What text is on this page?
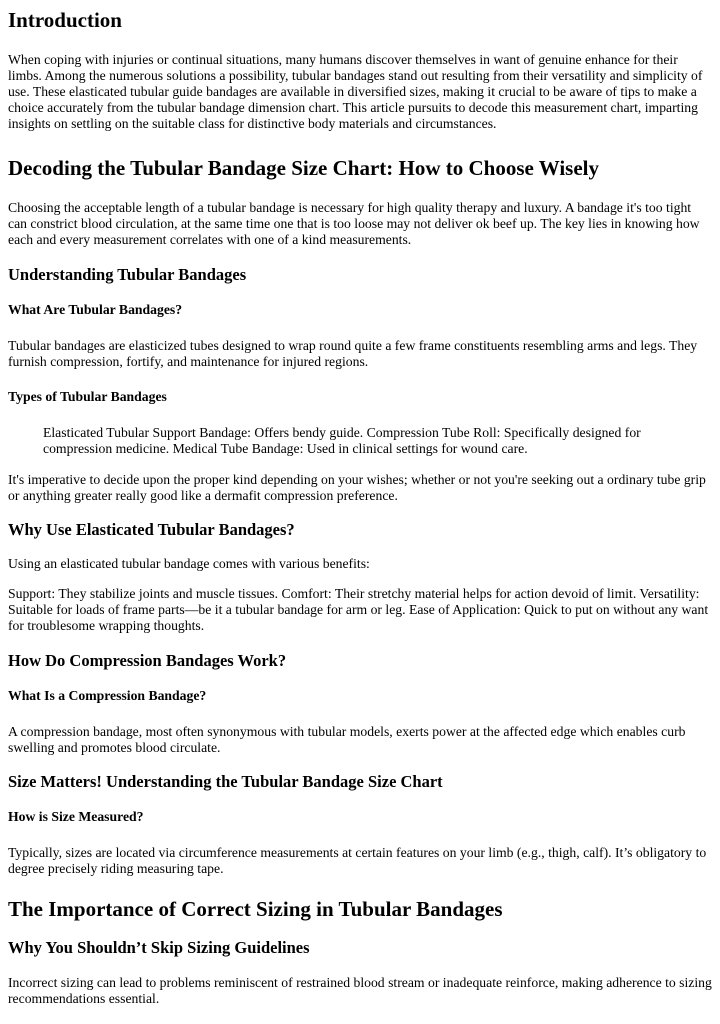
Introduction

When coping with injuries or continual situations, many humans discover themselves in want of genuine enhance for their limbs. Among the numerous solutions a possibility, tubular bandages stand out resulting from their versatility and simplicity of use. These elasticated tubular guide bandages are available in diversified sizes, making it crucial to be aware of tips to make a choice accurately from the tubular bandage dimension chart. This article pursuits to decode this measurement chart, imparting insights on settling on the suitable class for distinctive body materials and circumstances.

Decoding the Tubular Bandage Size Chart: How to Choose Wisely

Choosing the acceptable length of a tubular bandage is necessary for high quality therapy and luxury. A bandage it's too tight can constrict blood circulation, at the same time one that is too loose may not deliver ok beef up. The key lies in knowing how each and every measurement correlates with one of a kind measurements.

Understanding Tubular Bandages
What Are Tubular Bandages?

Tubular bandages are elasticized tubes designed to wrap round quite a few frame constituents resembling arms and legs. They furnish compression, fortify, and maintenance for injured regions.

Types of Tubular Bandages

Elasticated Tubular Support Bandage: Offers bendy guide. Compression Tube Roll: Specifically designed for compression medicine. Medical Tube Bandage: Used in clinical settings for wound care.

It's imperative to decide upon the proper kind depending on your wishes; whether or not you're seeking out a ordinary tube grip or anything greater really good like a dermafit compression preference.

Why Use Elasticated Tubular Bandages?

Using an elasticated tubular bandage comes with various benefits:

Support: They stabilize joints and muscle tissues. Comfort: Their stretchy material helps for action devoid of limit. Versatility: Suitable for loads of frame parts—be it a tubular bandage for arm or leg. Ease of Application: Quick to put on without any want for troublesome wrapping thoughts.

How Do Compression Bandages Work?
What Is a Compression Bandage?

A compression bandage, most often synonymous with tubular models, exerts power at the affected edge which enables curb swelling and promotes blood circulate.

Size Matters! Understanding the Tubular Bandage Size Chart
How is Size Measured?

Typically, sizes are located via circumference measurements at certain features on your limb (e.g., thigh, calf). It’s obligatory to degree precisely riding measuring tape.

The Importance of Correct Sizing in Tubular Bandages
Why You Shouldn’t Skip Sizing Guidelines

Incorrect sizing can lead to problems reminiscent of restrained blood stream or inadequate reinforce, making adherence to sizing recommendations essential.
